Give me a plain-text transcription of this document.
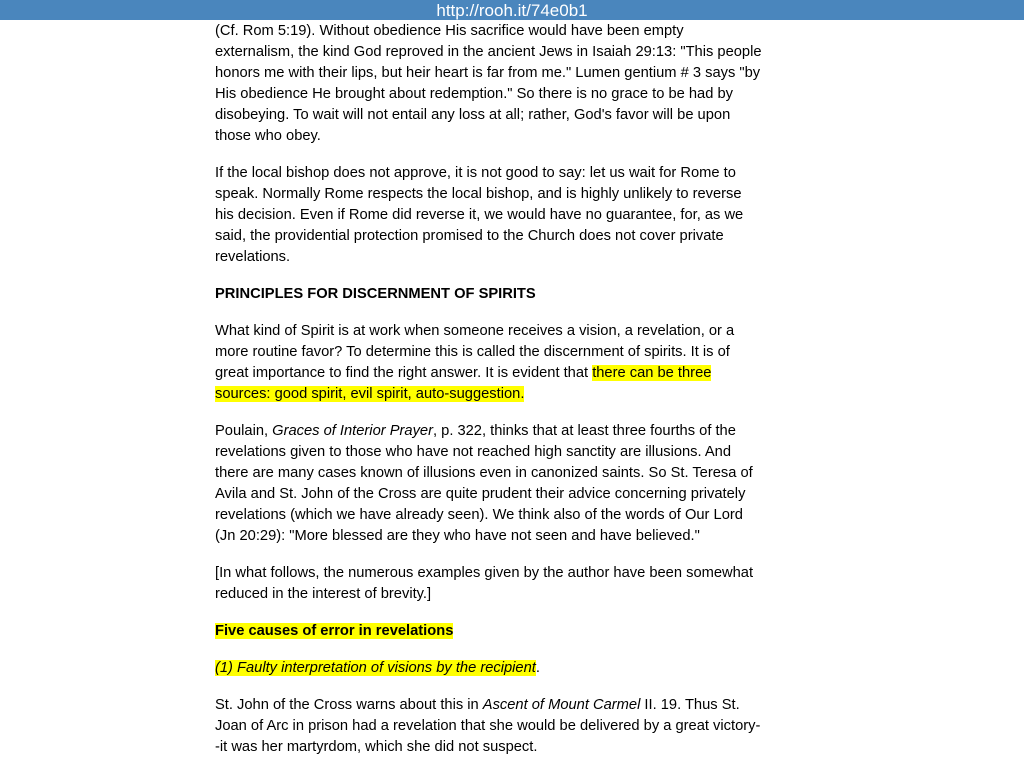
http://rooh.it/74e0b1

(Cf. Rom 5:19). Without obedience His sacrifice would have been empty
externalism, the kind God reproved in the ancient Jews in Isaiah 29:13: "This people
honors me with their lips, but heir heart is far from me." Lumen gentium # 3 says "by
His obedience He brought about redemption." So there is no grace to be had by
disobeying. To wait will not entail any loss at all; rather, God's favor will be upon
those who obey.

If the local bishop does not approve, it is not good to say: let us wait for Rome to
speak. Normally Rome respects the local bishop, and is highly unlikely to reverse
his decision. Even if Rome did reverse it, we would have no guarantee, for, as we
said, the providential protection promised to the Church does not cover private
revelations.

PRINCIPLES FOR DISCERNMENT OF SPIRITS

What kind of Spirit is at work when someone receives a vision, a revelation, or a
more routine favor? To determine this is called the discernment of spirits. It is of
great importance to find the right answer. It is evident that there can be three
sources: good spirit, evil spirit, auto-suggestion.

Poulain, Graces of Interior Prayer, p. 322, thinks that at least three fourths of the
revelations given to those who have not reached high sanctity are illusions. And
there are many cases known of illusions even in canonized saints. So St. Teresa of
Avila and St. John of the Cross are quite prudent their advice concerning privately
revelations (which we have already seen). We think also of the words of Our Lord
(Jn 20:29): "More blessed are they who have not seen and have believed."

[In what follows, the numerous examples given by the author have been somewhat
reduced in the interest of brevity.]

Five causes of error in revelations

(1) Faulty interpretation of visions by the recipient.

St. John of the Cross warns about this in Ascent of Mount Carmel II. 19. Thus St.
Joan of Arc in prison had a revelation that she would be delivered by a great victory-
-it was her martyrdom, which she did not suspect.
